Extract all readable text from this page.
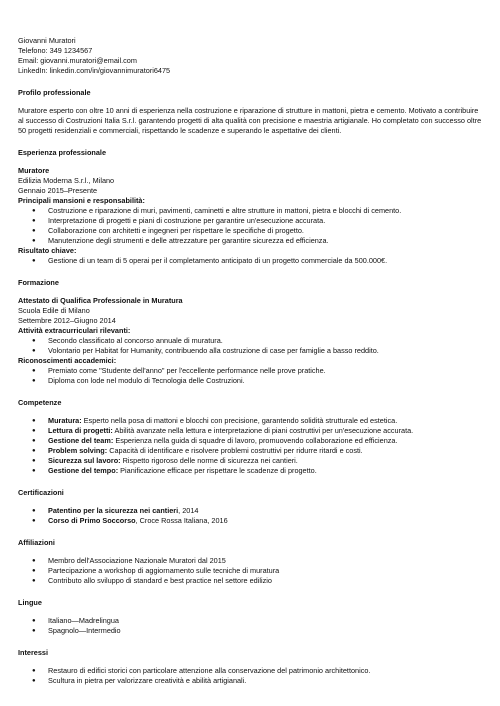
Giovanni Muratori
Telefono: 349 1234567
Email: giovanni.muratori@email.com
LinkedIn: linkedin.com/in/giovannimuratori6475
Profilo professionale
Muratore esperto con oltre 10 anni di esperienza nella costruzione e riparazione di strutture in mattoni, pietra e cemento. Motivato a contribuire al successo di Costruzioni Italia S.r.l. garantendo progetti di alta qualità con precisione e maestria artigianale. Ho completato con successo oltre 50 progetti residenziali e commerciali, rispettando le scadenze e superando le aspettative dei clienti.
Esperienza professionale
Muratore
Edilizia Moderna S.r.l., Milano
Gennaio 2015–Presente
Principali mansioni e responsabilità:
● Costruzione e riparazione di muri, pavimenti, caminetti e altre strutture in mattoni, pietra e blocchi di cemento.
● Interpretazione di progetti e piani di costruzione per garantire un'esecuzione accurata.
● Collaborazione con architetti e ingegneri per rispettare le specifiche di progetto.
● Manutenzione degli strumenti e delle attrezzature per garantire sicurezza ed efficienza.
Risultato chiave:
● Gestione di un team di 5 operai per il completamento anticipato di un progetto commerciale da 500.000€.
Formazione
Attestato di Qualifica Professionale in Muratura
Scuola Edile di Milano
Settembre 2012–Giugno 2014
Attività extracurriculari rilevanti:
● Secondo classificato al concorso annuale di muratura.
● Volontario per Habitat for Humanity, contribuendo alla costruzione di case per famiglie a basso reddito.
Riconoscimenti accademici:
● Premiato come "Studente dell'anno" per l'eccellente performance nelle prove pratiche.
● Diploma con lode nel modulo di Tecnologia delle Costruzioni.
Competenze
● Muratura: Esperto nella posa di mattoni e blocchi con precisione, garantendo solidità strutturale ed estetica.
● Lettura di progetti: Abilità avanzate nella lettura e interpretazione di piani costruttivi per un'esecuzione accurata.
● Gestione del team: Esperienza nella guida di squadre di lavoro, promuovendo collaborazione ed efficienza.
● Problem solving: Capacità di identificare e risolvere problemi costruttivi per ridurre ritardi e costi.
● Sicurezza sul lavoro: Rispetto rigoroso delle norme di sicurezza nei cantieri.
● Gestione del tempo: Pianificazione efficace per rispettare le scadenze di progetto.
Certificazioni
● Patentino per la sicurezza nei cantieri, 2014
● Corso di Primo Soccorso, Croce Rossa Italiana, 2016
Affiliazioni
● Membro dell'Associazione Nazionale Muratori dal 2015
● Partecipazione a workshop di aggiornamento sulle tecniche di muratura
● Contributo allo sviluppo di standard e best practice nel settore edilizio
Lingue
● Italiano—Madrelingua
● Spagnolo—Intermedio
Interessi
● Restauro di edifici storici con particolare attenzione alla conservazione del patrimonio architettonico.
● Scultura in pietra per valorizzare creatività e abilità artigianali.
